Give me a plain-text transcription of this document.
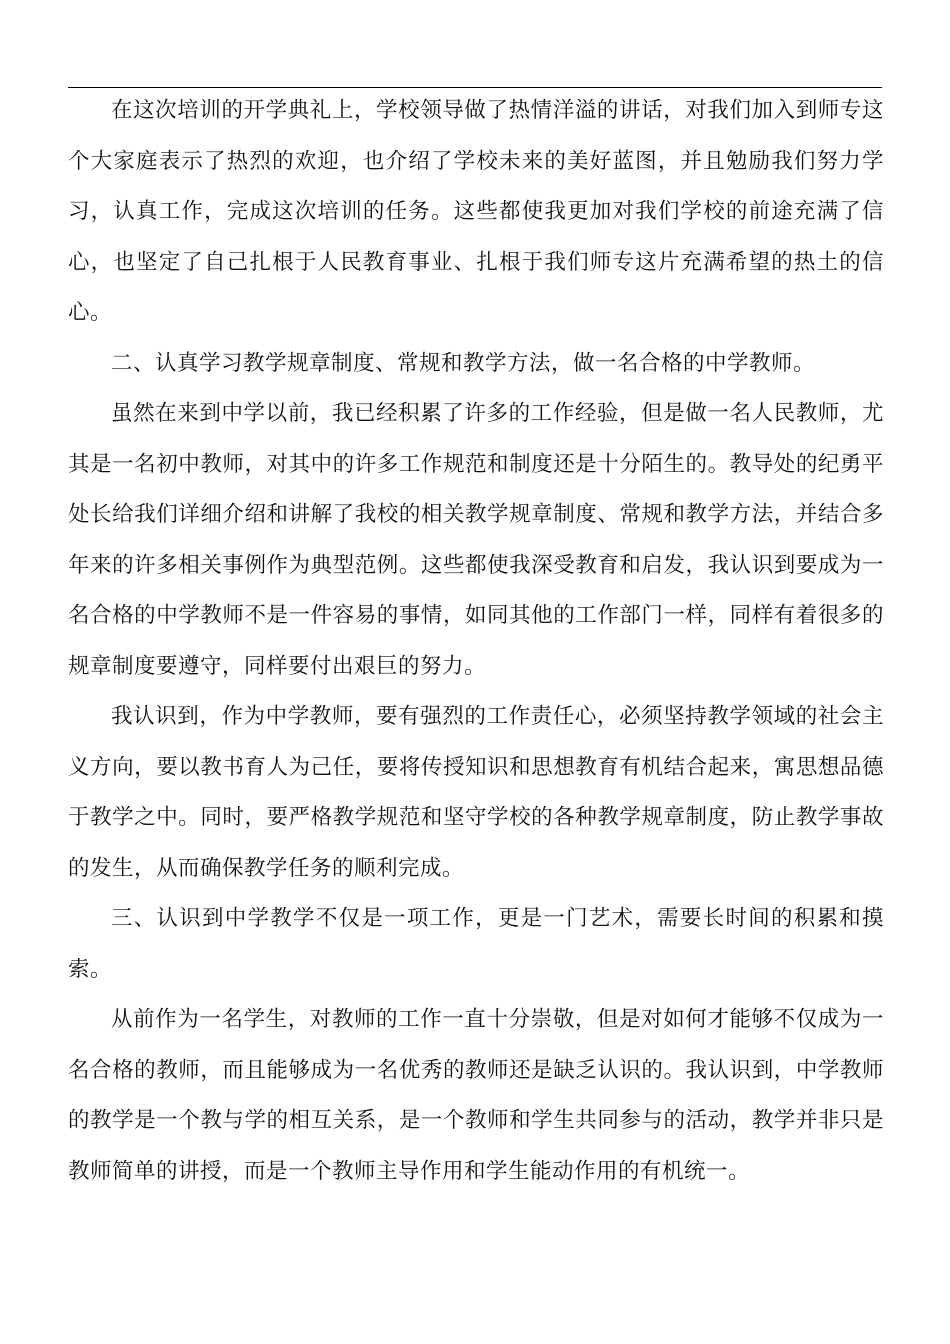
在这次培训的开学典礼上，学校领导做了热情洋溢的讲话，对我们加入到师专这个大家庭表示了热烈的欢迎，也介绍了学校未来的美好蓝图，并且勉励我们努力学习，认真工作，完成这次培训的任务。这些都使我更加对我们学校的前途充满了信心，也坚定了自己扎根于人民教育事业、扎根于我们师专这片充满希望的热土的信心。

二、认真学习教学规章制度、常规和教学方法，做一名合格的中学教师。

虽然在来到中学以前，我已经积累了许多的工作经验，但是做一名人民教师，尤其是一名初中教师，对其中的许多工作规范和制度还是十分陌生的。教导处的纪勇平处长给我们详细介绍和讲解了我校的相关教学规章制度、常规和教学方法，并结合多年来的许多相关事例作为典型范例。这些都使我深受教育和启发，我认识到要成为一名合格的中学教师不是一件容易的事情，如同其他的工作部门一样，同样有着很多的规章制度要遵守，同样要付出艰巨的努力。

我认识到，作为中学教师，要有强烈的工作责任心，必须坚持教学领域的社会主义方向，要以教书育人为己任，要将传授知识和思想教育有机结合起来，寓思想品德于教学之中。同时，要严格教学规范和坚守学校的各种教学规章制度，防止教学事故的发生，从而确保教学任务的顺利完成。

三、认识到中学教学不仅是一项工作，更是一门艺术，需要长时间的积累和摸索。

从前作为一名学生，对教师的工作一直十分崇敬，但是对如何才能够不仅成为一名合格的教师，而且能够成为一名优秀的教师还是缺乏认识的。我认识到，中学教师的教学是一个教与学的相互关系，是一个教师和学生共同参与的活动，教学并非只是教师简单的讲授，而是一个教师主导作用和学生能动作用的有机统一。
